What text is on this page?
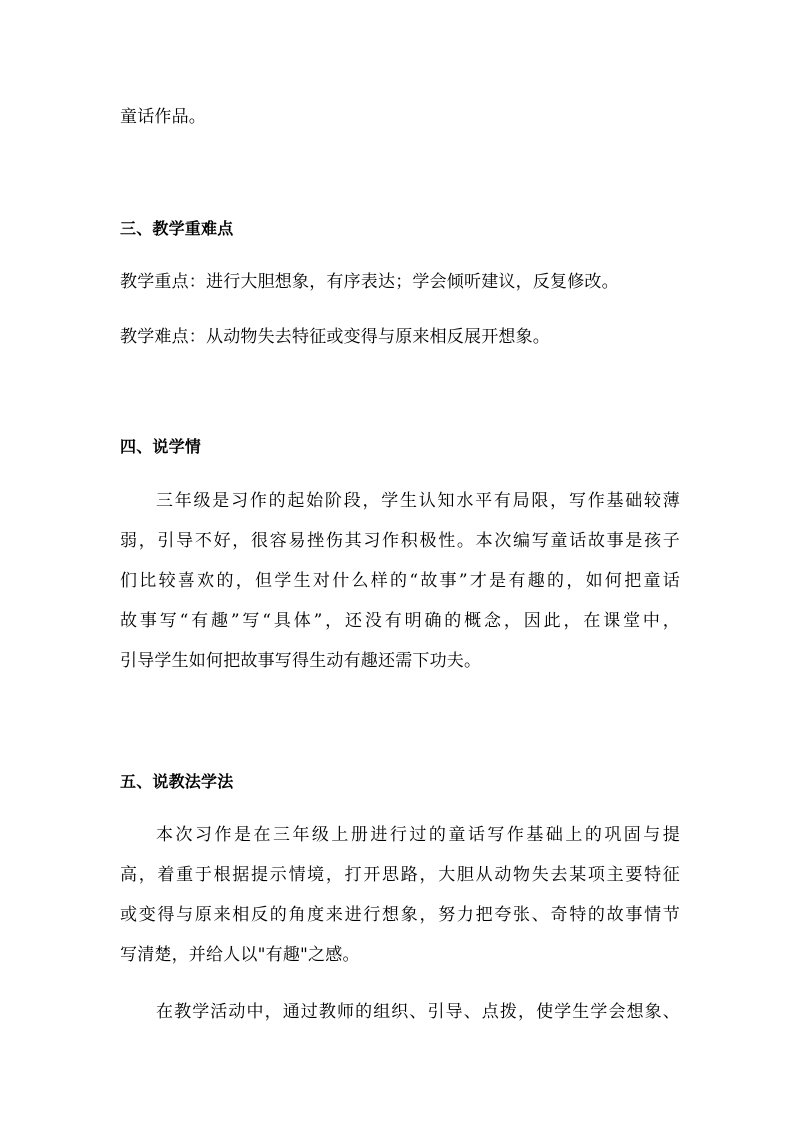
童话作品。
三、教学重难点
教学重点：进行大胆想象，有序表达；学会倾听建议，反复修改。
教学难点：从动物失去特征或变得与原来相反展开想象。
四、说学情
三年级是习作的起始阶段，学生认知水平有局限，写作基础较薄
弱，引导不好，很容易挫伤其习作积极性。本次编写童话故事是孩子
们比较喜欢的，但学生对什么样的“故事”才是有趣的，如何把童话
故事写“有趣”写“具体”，还没有明确的概念，因此，在课堂中，
引导学生如何把故事写得生动有趣还需下功夫。
五、说教法学法
本次习作是在三年级上册进行过的童话写作基础上的巩固与提
高，着重于根据提示情境，打开思路，大胆从动物失去某项主要特征
或变得与原来相反的角度来进行想象，努力把夸张、奇特的故事情节
写清楚，并给人以"有趣"之感。
在教学活动中，通过教师的组织、引导、点拨，使学生学会想象、
